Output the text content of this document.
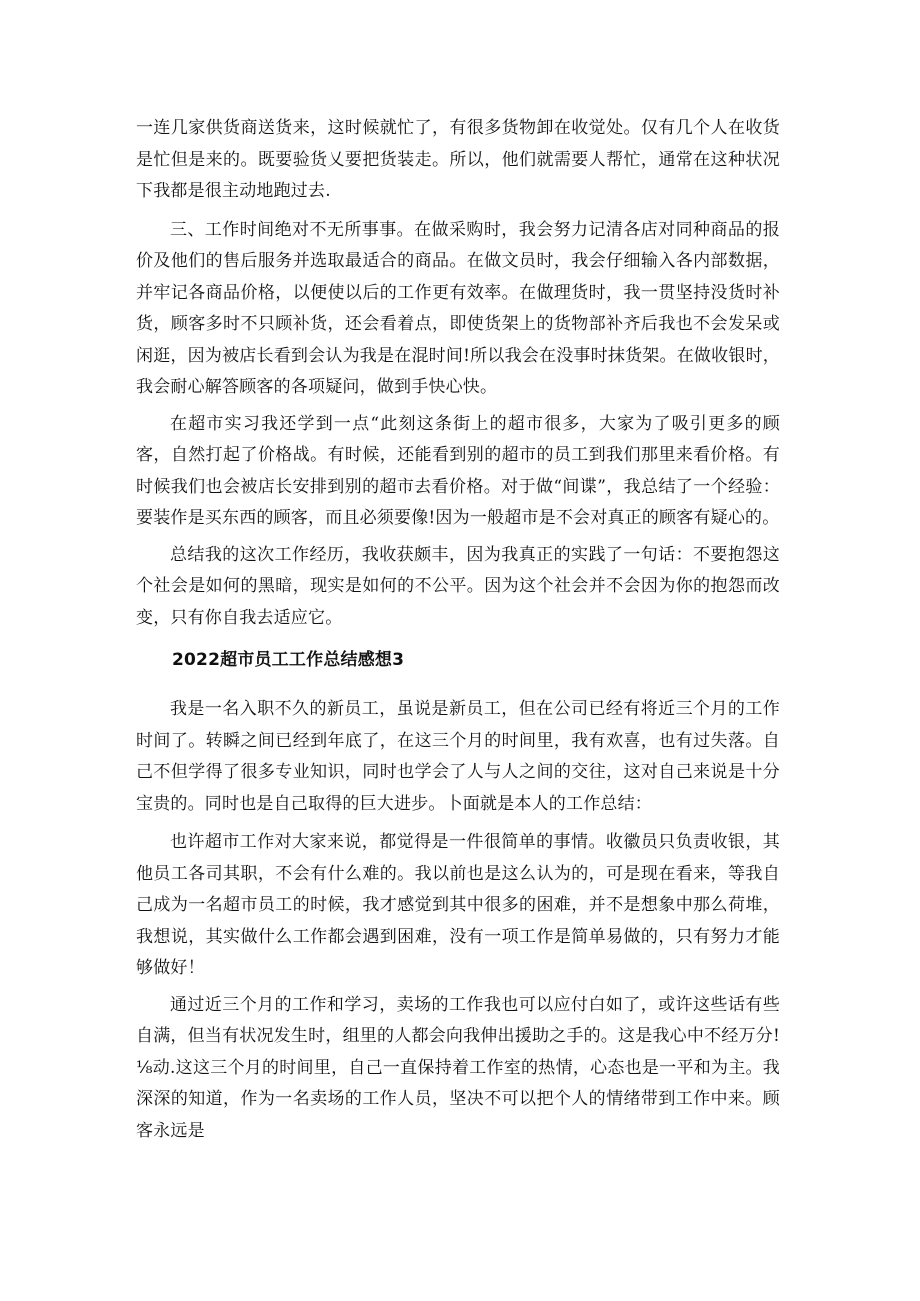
一连几家供货商送货来，这时候就忙了，有很多货物卸在收觉处。仅有几个人在收货是忙但是来的。既要验货乂要把货装走。所以，他们就需要人帮忙，通常在这种状况下我都是很主动地跑过去.

三、工作时间绝对不无所事事。在做采购时，我会努力记清各店对同种商品的报价及他们的售后服务并选取最适合的商品。在做文员时，我会仔细输入各内部数据，并牢记各商品价格，以便使以后的工作更有效率。在做理货时，我一贯坚持没货时补货，顾客多时不只顾补货，还会看着点，即使货架上的货物部补齐后我也不会发呆或闲逛，因为被店长看到会认为我是在混时间!所以我会在没事时抹货架。在做收银时，我会耐心解答顾客的各项疑问，做到手快心快。

在超市实习我还学到一点“此刻这条街上的超市很多，大家为了吸引更多的顾客，自然打起了价格战。有时候，还能看到别的超市的员工到我们那里来看价格。有时候我们也会被店长安排到别的超市去看价格。对于做“间谍”，我总结了一个经验：要装作是买东西的顾客，而且必须要像!因为一般超市是不会对真正的顾客有疑心的。

总结我的这次工作经历，我收获颇丰，因为我真正的实践了一句话：不要抱怨这个社会是如何的黑暗，现实是如何的不公平。因为这个社会并不会因为你的抱怨而改变，只有你自我去适应它。

2022超市员工工作总结感想3

我是一名入职不久的新员工，虽说是新员工，但在公司已经有将近三个月的工作时间了。转瞬之间已经到年底了，在这三个月的时间里，我有欢喜，也有过失落。自己不但学得了很多专业知识，同时也学会了人与人之间的交往，这对自己来说是十分宝贵的。同时也是自己取得的巨大进步。卜面就是本人的工作总结：

也许超市工作对大家来说，都觉得是一件很简单的事情。收徽员只负责收银，其他员工各司其职，不会有什么难的。我以前也是这么认为的，可是现在看来，等我自己成为一名超市员工的时候，我才感觉到其中很多的困难，并不是想象中那么荷堆，我想说，其实做什么工作都会遇到困难，没有一项工作是简单易做的，只有努力才能够做好！

通过近三个月的工作和学习，卖场的工作我也可以应付白如了，或许这些话有些自满，但当有状况发生时，组里的人都会向我伸出援助之手的。这是我心中不经万分!⅛动.这这三个月的时间里，自己一直保持着工作室的热情，心态也是一平和为主。我深深的知道，作为一名卖场的工作人员，坚决不可以把个人的情绪带到工作中来。顾客永远是
